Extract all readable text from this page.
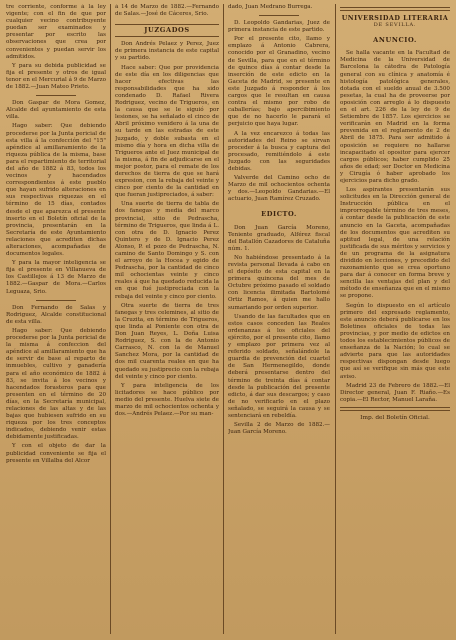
tre corriente, conforme á la ley vigente; con el fin de que por cualquier vecino contribuyente puedan ser examinados y presentar por escrito las observaciones que crea por convenientes y puedan servir los admitidos.

Y para su debida publicidad se fija el presente y otros de igual tenor en el Mercurial á 9 de Marzo de 1882.—Juan Mateo Prieto.

Don Gaspar de Mora Gomez, Alcalde del ayuntamiento de esta villa.

Hago saber: Que debiendo procederse por la Junta pericial de esta villa á la confección del "15" apéndice al amillaramiento de la riqueza pública de la misma, base para el repartimiento de territorial del año de 1882 á 83, todos los vecinos y hacendados correspondientes á este pueblo que hayan sufrido alteraciones en sus respectivas riquezas en el término de 15 días, contados desde el que aparezca el presente inserto en el Boletín oficial de la provincia, presentarán en la Secretaría de este Ayuntamiento relaciones que acrediten dichas alteraciones, acompañadas de documentos legales.

Y para la mayor inteligencia se fija el presente en Villanueva de los Castillejos á 13 de Marzo de 1882.—Gaspar de Mora.—Carlos Leguaza, Srio.

Don Fernando de Salas y Rodriguez, Alcalde constitucional de esta villa.

Hago saber: Que debiendo procederse por la Junta pericial de la misma á confeccion del apéndice al amillaramiento que ha de servir de base al reparto de inmuebles, cultivo y ganadería para el año económico de 1882 á 83, se invita á los vecinos y hacendados forasteros para que presenten en el término de 20 días, en la Secretaría municipal, relaciones de las altas y de las bajas que hubiesen sufrido en su riqueza por los tres conceptos indicados, debiendo venir estas debidamente justificadas.

Y con el objeto de dar la publicidad conveniente se fija el presente en Villalba del Alcor

á 14 de Marzo de 1882.—Fernando de Salas.—José de Cáceres, Srio.

JUZGADOS

Don Andrés Pelaez y Perez, Juez de primera instancia de este capital y su partido.

Hace saber: Que por providencia de este día en los diligencias que hacer efectivas las responsabilidades que ha sido condenado D. Rafael Rivera Rodriguez, vecino de Trigueros, en la causa que se le siguió por lesiones, se ha señalado el cinco de Abril próximo venidero á la una de su tarde en las estradas de este Juzgado, y doble subasta en el mismo día y hora en dicha villa de Trigueros ante el Juez municipal de la misma, á fin de adjudicarse en el mejor postor, para el remate de los derechos de tierra de que se hará expresion, con la rebaja del veinte y cinco por ciento de la cantidad en que fueran justipreciados, á saber:

Una suerte de tierra de tabla de dos fanegas y media del marco provincial, sitio de Pedrascha, término de Trigueros, que linda á L. con otra de D. Ignacio Perez Quintero y de D. Ignacio Perez Alonso, P. el pozo de Pedrascha, N. camino de Santo Domingo y S. con el arroyo de la Hocea y egido de Pedrascha, por la cantidad de cinco mil ochocientas veinte y cinco reales á que ha quedado reducida la en que fué justipreciada con la rebaja del veinte y cinco por ciento.

Otra suerte de tierra de tres fanegas y tres celemines, al sitio de la Cruzita, en término de Trigueros, que linda al Poniente con otra de Don Juan Reyes, L. Doña Luisa Rodriguez, S. con la de Antonio Carrasco, N. con la de Manuel Sanchez Mora, por la cantidad de dos mil cuarenta reales en que ha quedado su justiprecio con la rebaja del veinte y cinco por ciento.

Y para inteligencia de los licitadores se hace público por medio del presente. Huelva siete de marzo de mil ochocientos ochenta y dos.—Andrés Pelaez.—Por su man-

dado, Juan Medrano Burrega.

D. Leopoldo Gandarias, Juez de primera instancia de este partido.

Por el presente cito, llamo y emplazo á Antonio Cabrera, conocido por el Granadino, vecino de Sevilla, para que en el término de quince días á contar desde la inserción de este edicto en la Gaceta de Madrid, se presente en este Juzgado á responder á los cargos que le resultan en causa contra el mismo por robo de caballerías; bajo apercibimiento que de no hacerlo le parará el perjuicio que haya lugar.

A la vez encarezco á todas las autoridades del Reino se sirvan proceder á la busca y captura del procesado, remitiéndolo á este Juzgado con las seguridades debidas.

Valverde del Camino ocho de Marzo de mil ochocientos ochenta y dos.—Leopoldo Gandarias.—El actuario, Juan Ramírez Cruzado.

EDICTO.

Don Juan García Moreno, Teniente graduado, Alférez fiscal del Batallón Cazadores de Cataluña núm. 1.

No habiéndose presentado á la revista personal llevada á cabo en el depósito de esta capital en la primera quincena del mes de Octubre próximo pasado el soldado con licencia ilimitada Bartolomé Ortiz Ramos, á quien me hallo sumariando por orden superior.

Usando de las facultades que en estos casos conceden las Reales ordenanzas á los oficiales del ejército, por el presente cito, llamo y emplazo por primera vez al referido soldado, señalándole la guardia de prevención del cuartel de San Hermenegildo, donde deberá presentarse dentro del término de treinta días á contar desde la publicación del presente edicto, á dar sus descargos; y caso de no verificarlo en el plazo señalado, se seguirá la causa y se sentenciará en rebeldía.

Sevilla 2 de Marzo de 1882.—Juan García Moreno.

UNIVERSIDAD LITERARIA
DE SEVILLA.
ANUNCIO.

Se halla vacante en la Facultad de Medicina de la Universidad de Barcelona la cátedra de Patología general con su clínica y anatomía é histología patológica generales, dotada con el sueldo anual de 3.500 pesetas, la cual ha de proveerse por oposición con arreglo á lo dispuesto en el art. 226 de la ley de 9 de Setiembre de 1857. Los ejercicios se verificarán en Madrid en la forma prevenida en el reglamento de 2 de Abril de 1875. Para ser admitido á oposición se requiere no hallarse incapacitado el opositor para ejercer cargos públicos; haber cumplido 25 años de edad; ser Doctor en Medicina y Cirugía ó haber aprobado los ejercicios para dicho grado.

Los aspirantes presentarán sus solicitudes en la Dirección general de Instrucción pública en el improrrogable término de tres meses, á contar desde la publicación de este anuncio en la Gaceta, acompañadas de los documentos que acrediten su aptitud legal, de una relación justificada de sus méritos y servicios y de un programa de la asignatura dividido en lecciones, y precedido del razonamiento que se crea oportuno para dar á conocer en forma breve y sencilla las ventajas del plan y del método de enseñanza que en el mismo se propone.

Según lo dispuesto en el artículo primero del expresado reglamento, este anuncio deberá publicarse en los Boletines oficiales de todas las provincias, y por medio de edictos en todos los establecimientos públicos de enseñanza de la Nación; lo cual se advierte para que las autoridades respectivas dispongan desde luego que así se verifique sin más que este aviso.

Madrid 23 de Febrero de 1882.—El Director general, Juan F. Riaño.—Es copia.—El Rector, Manuel Laraña.

Imp. del Boletín Oficial.
